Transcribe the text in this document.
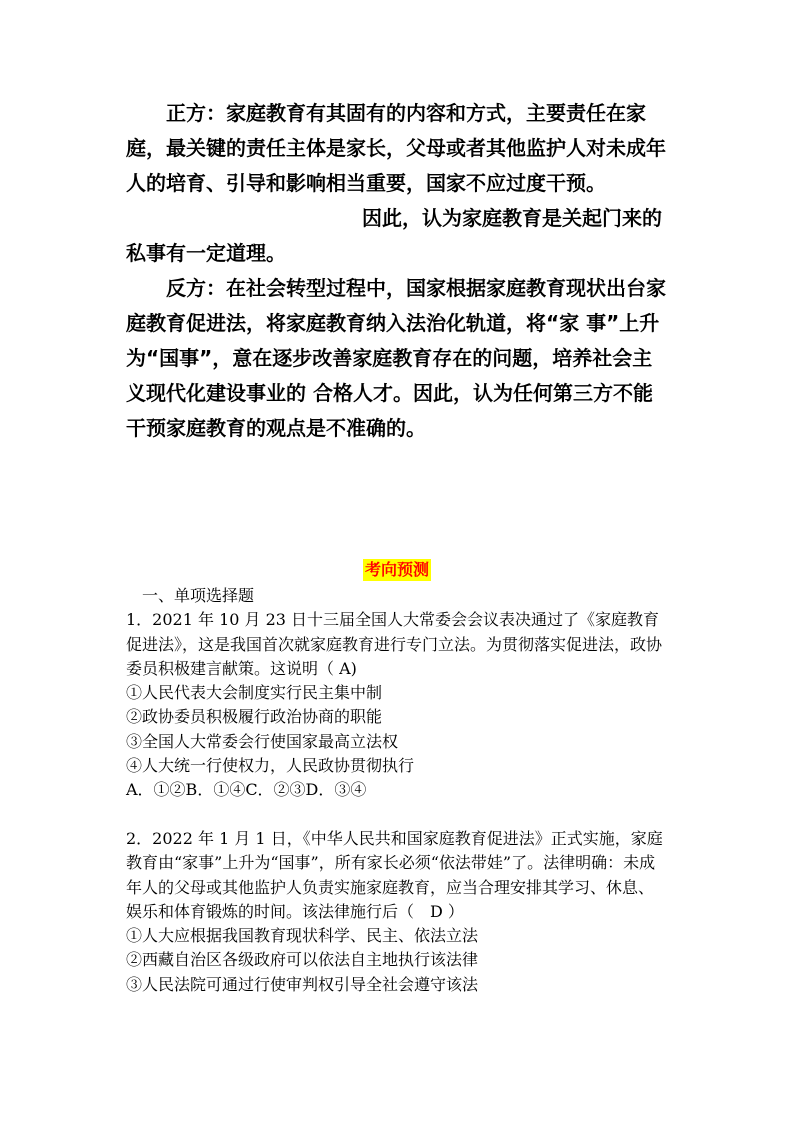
正方：家庭教育有其固有的内容和方式，主要责任在家庭，最关键的责任主体是家长，父母或者其他监护人对未成年人的培育、引导和影响相当重要，国家不应过度干预。因此，认为家庭教育是关起门来的私事有一定道理。

反方：在社会转型过程中，国家根据家庭教育现状出台家庭教育促进法，将家庭教育纳入法治化轨道，将“家 事”上升为“国事”，意在逐步改善家庭教育存在的问题，培养社会主义现代化建设事业的 合格人才。因此，认为任何第三方不能干预家庭教育的观点是不准确的。

考向预测

一、单项选择题

1．2021 年 10 月 23 日十三届全国人大常委会会议表决通过了《家庭教育促进法》，这是我国首次就家庭教育进行专门立法。为贯彻落实促进法，政协委员积极建言献策。这说明（ A)

①人民代表大会制度实行民主集中制

②政协委员积极履行政治协商的职能

③全国人大常委会行使国家最高立法权

④人大统一行使权力，人民政协贯彻执行

A．①②B．①④C．②③D．③④

2．2022 年 1 月 1 日，《中华人民共和国家庭教育促进法》正式实施，家庭教育由“家事”上升为“国事”，所有家长必须“依法带娃”了。法律明确：未成年人的父母或其他监护人负责实施家庭教育，应当合理安排其学习、休息、娱乐和体育锻炼的时间。该法律施行后（　D ）

①人大应根据我国教育现状科学、民主、依法立法

②西藏自治区各级政府可以依法自主地执行该法律

③人民法院可通过行使审判权引导全社会遵守该法
